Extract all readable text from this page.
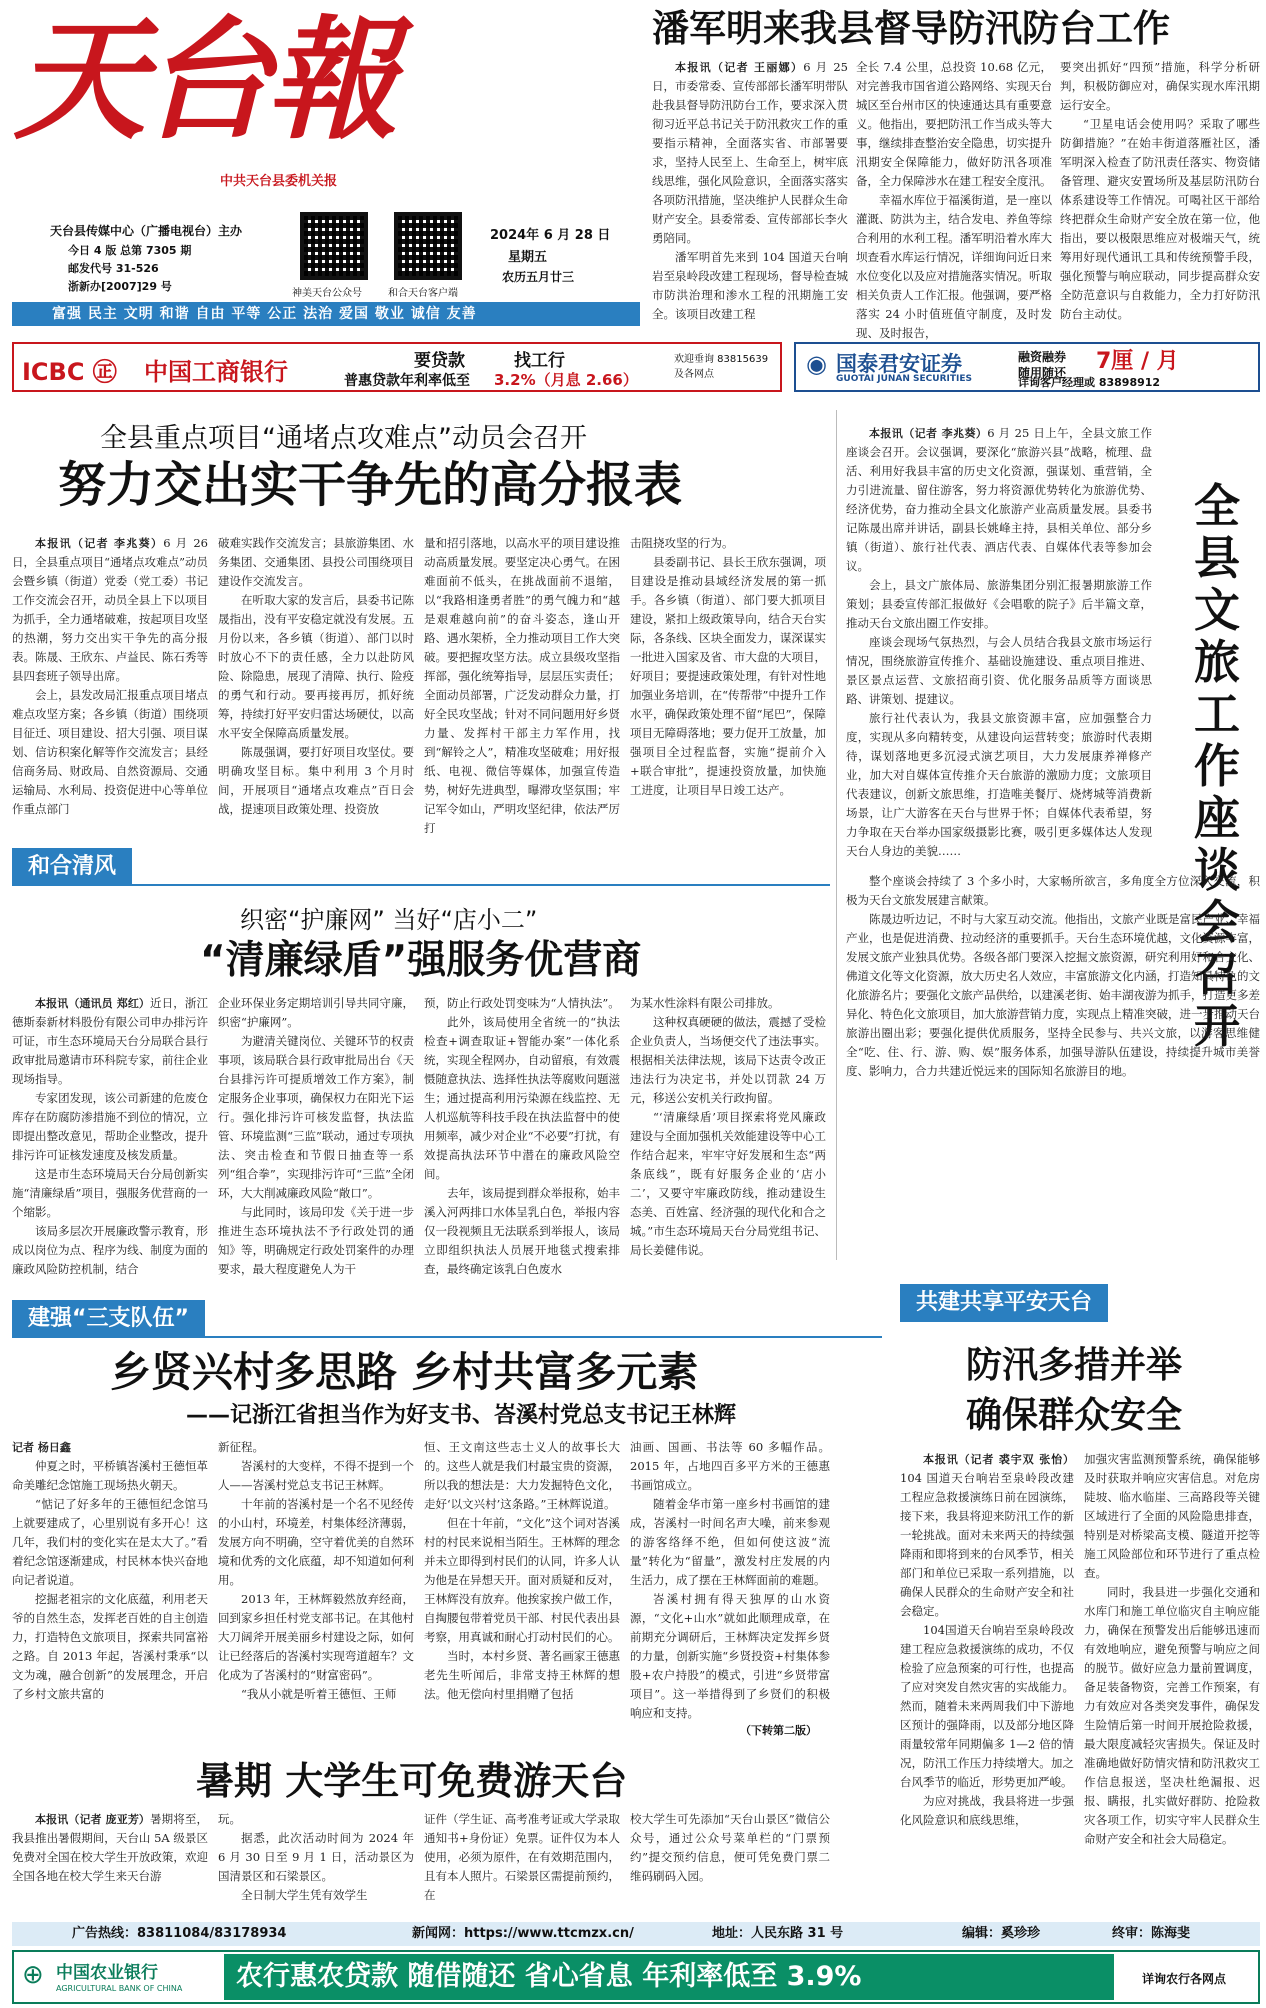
天台報
中共天台县委机关报
天台县传媒中心（广播电视台）主办
今日 4 版 总第 7305 期
邮发代号 31-526
浙新办[2007]29 号
神美天台公众号	和合天台客户端
2024年 6 月 28 日
星期五
农历五月廿三
富强 民主 文明 和谐 自由 平等 公正 法治 爱国 敬业 诚信 友善
潘军明来我县督导防汛防台工作

本报讯（记者 王丽娜）6 月 25 日，市委常委、宣传部部长潘军明带队赴我县督导防汛防台工作，要求深入贯彻习近平总书记关于防汛救灾工作的重要指示精神，全面落实省、市部署要求，坚持人民至上、生命至上，树牢底线思维，强化风险意识，全面落实落实各项防汛措施，坚决维护人民群众生命财产安全。县委常委、宣传部部长李火勇陪同。

潘军明首先来到 104 国道天台响岩至泉岭段改建工程现场，督导检查城市防洪治理和渗水工程的汛期施工安全。该项目改建工程

全长 7.4 公里，总投资 10.68 亿元，对完善我市国省道公路网络、实现天台城区至台州市区的快速通达具有重要意义。他指出，要把防汛工作当成头等大事，继续排查整治安全隐患，切实提升汛期安全保障能力，做好防汛各项准备，全力保障涉水在建工程安全度汛。

幸福水库位于福溪街道，是一座以灌溉、防洪为主，结合发电、养鱼等综合利用的水利工程。潘军明沿着水库大坝查看水库运行情况，详细询问近日来水位变化以及应对措施落实情况。听取相关负责人工作汇报。他强调，要严格落实 24 小时值班值守制度，及时发现、及时报告，

要突出抓好“四预”措施，科学分析研判，积极防御应对，确保实现水库汛期运行安全。

“卫星电话会使用吗？采取了哪些防御措施？”在始丰街道落雁社区，潘军明深入检查了防汛责任落实、物资储备管理、避灾安置场所及基层防汛防台体系建设等工作情况。可喝社区干部给终把群众生命财产安全放在第一位，他指出，要以极限思维应对极端天气，统筹用好现代通讯工具和传统预警手段，强化预警与响应联动，同步提高群众安全防范意识与自救能力，全力打好防汛防台主动仗。

ICBC ㊣ 中国工商银行	要贷款	找工行
普惠贷款年利率低至 3.2%（月息 2.66）
欢迎垂询 83815639及各网点	◉ 国泰君安证券
GUOTAI JUNAN SECURITIES
融资融券
随用随还 7厘 / 月
详询客户经理或 83898912
全县重点项目“通堵点攻难点”动员会召开
努力交出实干争先的高分报表

本报讯（记者 李兆葵）6 月 26 日，全县重点项目“通堵点攻难点”动员会暨乡镇（街道）党委（党工委）书记工作交流会召开，动员全县上下以项目为抓手，全力通堵破难，按起项目攻坚的热潮，努力交出实干争先的高分报表。陈晟、王欣东、卢益民、陈石秀等县四套班子领导出席。

会上，县发改局汇报重点项目堵点难点攻坚方案；各乡镇（街道）围绕项目征迁、项目建设、招大引强、项目谋划、信访积案化解等作交流发言；县经信商务局、财政局、自然资源局、交通运输局、水利局、投资促进中心等单位作重点部门

破难实践作交流发言；县旅游集团、水务集团、交通集团、县投公司围绕项目建设作交流发言。

在听取大家的发言后，县委书记陈晟指出，没有平安稳定就没有发展。五月份以来，各乡镇（街道）、部门以时时放心不下的责任感，全力以赴防风险、除隐患，展现了清障、执行、险疫的勇气和行动。要再接再厉，抓好统筹，持续打好平安归雷达场硬仗，以高水平安全保障高质量发展。

陈晟强调，要打好项目攻坚仗。要明确攻坚目标。集中利用 3 个月时间，开展项目“通堵点攻难点”百日会战，提速项目政策处理、投资放

量和招引落地，以高水平的项目建设推动高质量发展。要坚定决心勇气。在困难面前不低头，在挑战面前不退缩，以“我路相逢勇者胜”的勇气魄力和“越是艰难越向前”的奋斗姿态，逢山开路、遇水架桥，全力推动项目工作大突破。要把握攻坚方法。成立县级攻坚指挥部，强化统筹指导，层层压实责任；全面动员部署，广泛发动群众力量，打好全民攻坚战；针对不同问题用好乡贤力量、发挥村干部主力军作用，找到“解铃之人”，精准攻坚破难；用好报纸、电视、微信等媒体，加强宣传造势，树好先进典型，曝滞攻坚氛围；牢记军令如山，严明攻坚纪律，依法严厉打

击阻挠攻坚的行为。

县委副书记、县长王欣东强调，项目建设是推动县域经济发展的第一抓手。各乡镇（街道）、部门要大抓项目建设，紧扣上级政策导向，结合天台实际，各条线、区块全面发力，谋深谋实一批进入国家及省、市大盘的大项目，好项目；要提速政策处理，有针对性地加强业务培训，在“传帮带”中提升工作水平，确保政策处理不留“尾巴”，保障项目无障碍落地；要力促开工放量，加强项目全过程监督，实施“提前介入+联合审批”，提速投资放量，加快施工进度，让项目早日竣工达产。

本报讯（记者 李兆葵）6 月 25 日上午，全县文旅工作座谈会召开。会议强调，要深化“旅游兴县”战略，梳理、盘活、利用好我县丰富的历史文化资源，强谋划、重营销，全力引进流量、留住游客，努力将资源优势转化为旅游优势、经济优势，奋力推动全县文化旅游产业高质量发展。县委书记陈晟出席并讲话，副县长姚峰主持，县相关单位、部分乡镇（街道）、旅行社代表、酒店代表、自媒体代表等参加会议。

会上，县文广旅体局、旅游集团分别汇报暑期旅游工作策划；县委宣传部汇报做好《会唱歌的院子》后半篇文章，推动天台文旅出圈工作安排。

座谈会现场气氛热烈，与会人员结合我县文旅市场运行情况，围绕旅游宣传推介、基础设施建设、重点项目推进、景区景点运营、文旅招商引资、优化服务品质等方面谈思路、讲策划、提建议。

旅行社代表认为，我县文旅资源丰富，应加强整合力度，实现从多向精转变，从建设向运营转变；旅游时代表期待，谋划落地更多沉浸式演艺项目，大力发展康养禅修产业，加大对自媒体宣传推介天台旅游的激励力度；文旅项目代表建议，创新文旅思维，打造唯美餐厅、烧烤城等消费新场景，让广大游客在天台与世界于怀；自媒体代表希望，努力争取在天台举办国家级摄影比赛，吸引更多媒体达人发现天台人身边的美貌……

全县文旅工作座谈会召开

整个座谈会持续了 3 个多小时，大家畅所欲言，多角度全方位深入交流，积极为天台文旅发展建言献策。

陈晟边听边记，不时与大家互动交流。他指出，文旅产业既是富民产业、幸福产业，也是促进消费、拉动经济的重要抓手。天台生态环境优越，文化资源丰富，发展文旅产业独具优势。各级各部门要深入挖掘文旅资源，研究利用好和合文化、佛道文化等文化资源，放大历史名人效应，丰富旅游文化内涵，打造知具特色的文化旅游名片；要强化文旅产品供给，以建溪老街、始丰湖夜游为抓手，打造更多差异化、特色化文旅项目，加大旅游营销力度，实现点上精准突破，进一步推动天台旅游出圈出彩；要强化提供优质服务，坚持全民参与、共兴文旅，以游客思维健全“吃、住、行、游、购、娱”服务体系，加强导游队伍建设，持续提升城市美誉度、影响力，合力共建近悦远来的国际知名旅游目的地。

和合清风
织密“护廉网” 当好“店小二”
“清廉绿盾”强服务优营商

本报讯（通讯员 郑红）近日，浙江德斯泰新材料股份有限公司申办排污许可证，市生态环境局天台分局联合县行政审批局邀请市环科院专家，前往企业现场指导。

专家团发现，该公司新建的危废仓库存在防腐防渗措施不到位的情况，立即提出整改意见，帮助企业整改，提升排污许可证核发速度及核发质量。

这是市生态环境局天台分局创新实施“清廉绿盾”项目，强服务优营商的一个缩影。

该局多层次开展廉政警示教育，形成以岗位为点、程序为线、制度为面的廉政风险防控机制，结合

企业环保业务定期培训引导共同守廉，织密“护廉网”。

为避清关键岗位、关键环节的权责事项，该局联合县行政审批局出台《天台县排污许可提质增效工作方案》，制定服务企业事项，确保权力在阳光下运行。强化排污许可核发监督，执法监管、环境监测“三监”联动，通过专项执法、突击检查和节假日抽查等一系列“组合拳”，实现排污许可“三监”全闭环，大大削减廉政风险“敞口”。

与此同时，该局印发《关于进一步推进生态环境执法不予行政处罚的通知》等，明确规定行政处罚案件的办理要求，最大程度避免人为干

预，防止行政处罚变味为“人情执法”。

此外，该局使用全省统一的“执法检查+调查取证+智能办案”一体化系统，实现全程网办，自动留痕，有效震慑随意执法、选择性执法等腐败问题滋生；通过提高利用污染源在线监控、无人机巡航等科技手段在执法监督中的使用频率，减少对企业“不必要”打扰，有效提高执法环节中潜在的廉政风险空间。

去年，该局提到群众举报称，始丰溪入河两排口水体呈乳白色，举报内容仅一段视频且无法联系到举报人，该局立即组织执法人员展开地毯式搜索排查，最终确定该乳白色废水

为某水性涂料有限公司排放。

这种权真硬硬的做法，震撼了受检企业负责人，当场便交代了违法事实。根据相关法律法规，该局下达责令改正违法行为决定书，并处以罚款 24 万元，移送公安机关行政拘留。

“‘清廉绿盾’项目探索将党风廉政建设与全面加强机关效能建设等中心工作结合起来，牢牢守好发展和生态“两条底线”，既有好服务企业的‘店小二’，又要守牢廉政防线，推动建设生态美、百姓富、经济强的现代化和合之城。”市生态环境局天台分局党组书记、局长姜健伟说。

建强“三支队伍”
乡贤兴村多思路 乡村共富多元素
——记浙江省担当作为好支书、峇溪村党总支书记王林辉

记者 杨日鑫

仲夏之时，平桥镇峇溪村王德恒革命美雕纪念馆施工现场热火朝天。

“惦记了好多年的王德恒纪念馆马上就要建成了，心里别说有多开心！这几年，我们村的变化实在是太大了。”看着纪念馆逐渐建成，村民林本快兴奋地向记者说道。

挖掘老祖宗的文化底蕴，利用老天爷的自然生态，发挥老百姓的自主创造力，打造特色文旅项目，探索共同富裕之路。自 2013 年起，峇溪村秉承“以文为魂，融合创新”的发展理念，开启了乡村文旅共富的

新征程。

峇溪村的大变样，不得不提到一个人——峇溪村党总支书记王林辉。

十年前的峇溪村是一个名不见经传的小山村，环境差，村集体经济薄弱，发展方向不明确，空守着优美的自然环境和优秀的文化底蕴，却不知道如何利用。

2013 年，王林辉毅然放弃经商，回到家乡担任村党支部书记。在其他村大刀阔斧开展美丽乡村建设之际，如何让已经落后的峇溪村实现弯道超车？文化成为了峇溪村的“财富密码”。

“我从小就是听着王德恒、王师

恒、王文南这些志士义人的故事长大的。这些人就是我们村最宝贵的资源，所以我的想法是：大力发掘特色文化，走好‘以文兴村’这条路。”王林辉说道。

但在十年前，“文化”这个词对峇溪村的村民来说相当陌生。王林辉的理念并未立即得到村民们的认同，许多人认为他是在异想天开。面对质疑和反对，王林辉没有放弃。他挨家挨户做工作，自掏腰包带着党员干部、村民代表出县考察，用真诚和耐心打动村民们的心。

当时，本村乡贤、著名画家王德惠老先生听闻后，非常支持王林辉的想法。他无偿向村里捐赠了包括

油画、国画、书法等 60 多幅作品。2015 年，占地四百多平方米的王德惠书画馆成立。

随着金华市第一座乡村书画馆的建成，峇溪村一时间名声大噪，前来参观的游客络绎不绝，但如何使这波“流量”转化为“留量”，激发村庄发展的内生活力，成了摆在王林辉面前的难题。

峇溪村拥有得天独厚的山水资源，“文化+山水”就如此顺理成章，在前期充分调研后，王林辉决定发挥乡贤的力量，创新实施“乡贤投资+村集体参股+农户持股”的模式，引进“乡贤带富项目”。这一举措得到了乡贤们的积极响应和支持。

（下转第二版）
共建共享平安天台
防汛多措并举
确保群众安全

本报讯（记者 裘宇双 张怡）104 国道天台响岩至泉岭段改建工程应急救援演练日前在园演练，接下来，我县将迎来防汛工作的新一轮挑战。面对未来两天的持续强降雨和即将到来的台风季节，相关部门和单位已采取一系列措施，以确保人民群众的生命财产安全和社会稳定。

104国道天台响岩至泉岭段改建工程应急救援演练的成功，不仅检验了应急预案的可行性，也提高了应对突发自然灾害的实战能力。然而，随着未来两周我们中下游地区预计的强降雨，以及部分地区降雨量较常年同期偏多 1—2 倍的情况，防汛工作压力持续增大。加之台风季节的临近，形势更加严峻。

为应对挑战，我县将进一步强化风险意识和底线思维，

加强灾害监测预警系统，确保能够及时获取并响应灾害信息。对危房陡坡、临水临崖、三高路段等关键区域进行了全面的风险隐患排查，特别是对桥梁高支模、隧道开挖等施工风险部位和环节进行了重点检查。

同时，我县进一步强化交通和水库门和施工单位临灾自主响应能力，确保在预警发出后能够迅速而有效地响应，避免预警与响应之间的脱节。做好应急力量前置调度，备足装备物资，完善工作预案，有力有效应对各类突发事件，确保发生险情后第一时间开展抢险救援，最大限度减轻灾害损失。保证及时准确地做好防情灾情和防汛救灾工作信息报送，坚决杜绝漏报、迟报、瞒报，扎实做好群防、抢险救灾各项工作，切实守牢人民群众生命财产安全和社会大局稳定。

暑期 大学生可免费游天台

本报讯（记者 庞亚芳）暑期将至，我县推出暑假期间，天台山 5A 级景区免费对全国在校大学生开放政策，欢迎全国各地在校大学生来天台游

玩。

据悉，此次活动时间为 2024 年 6 月 30 日至 9 月 1 日，活动景区为国清景区和石梁景区。

全日制大学生凭有效学生

证件（学生证、高考准考证或大学录取通知书+身份证）免票。证件仅为本人使用，必须为原件，在有效期范围内，且有本人照片。石梁景区需提前预约，在

校大学生可先添加“天台山景区”微信公众号，通过公众号菜单栏的“门票预约”提交预约信息，便可凭免费门票二维码刷码入园。

广告热线：83811084/83178934	新闻网：https://www.ttcmzx.cn/	地址：人民东路 31 号	编辑：奚珍珍	终审：陈海斐
⊕ 中国农业银行
AGRICULTURAL BANK OF CHINA	农行惠农贷款 随借随还 省心省息 年利率低至 3.9%	详询农行各网点
